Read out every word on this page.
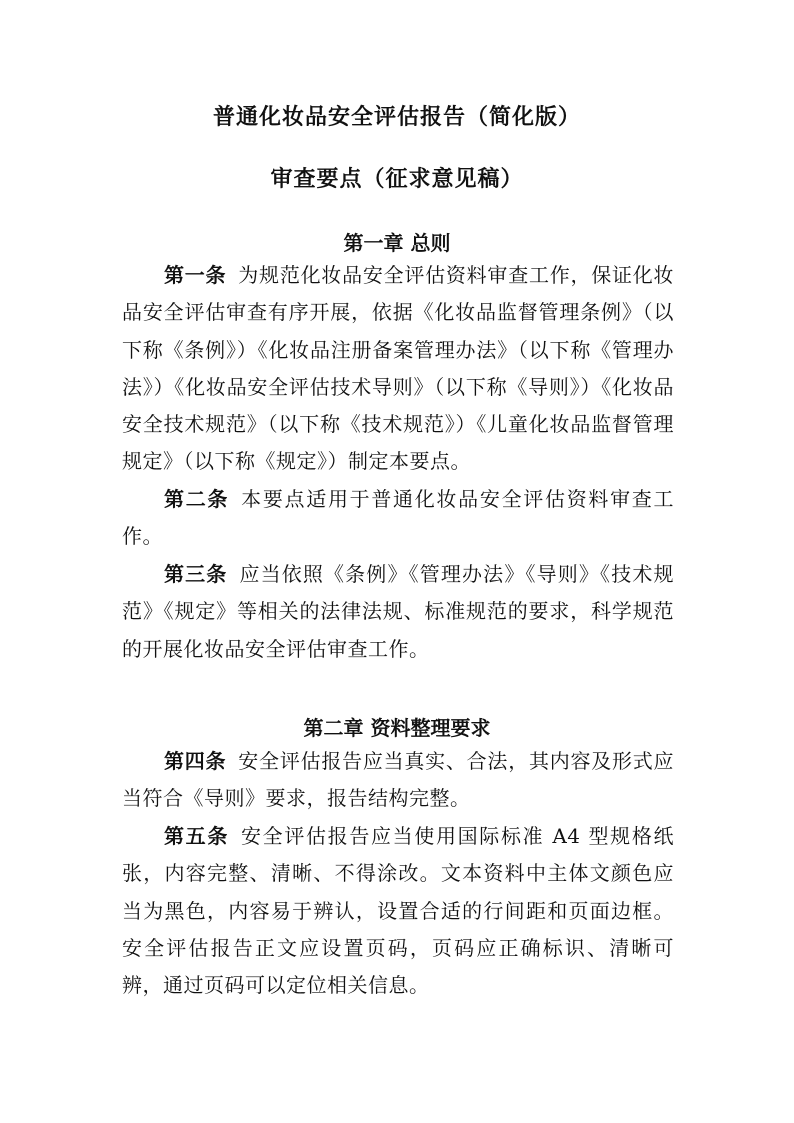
普通化妆品安全评估报告（简化版）
审查要点（征求意见稿）
第一章 总则

第一条 为规范化妆品安全评估资料审查工作，保证化妆品安全评估审查有序开展，依据《化妆品监督管理条例》（以下称《条例》）《化妆品注册备案管理办法》（以下称《管理办法》）《化妆品安全评估技术导则》（以下称《导则》）《化妆品安全技术规范》（以下称《技术规范》）《儿童化妆品监督管理规定》（以下称《规定》）制定本要点。

第二条 本要点适用于普通化妆品安全评估资料审查工作。

第三条 应当依照《条例》《管理办法》《导则》《技术规范》《规定》等相关的法律法规、标准规范的要求，科学规范的开展化妆品安全评估审查工作。

第二章 资料整理要求

第四条 安全评估报告应当真实、合法，其内容及形式应当符合《导则》要求，报告结构完整。

第五条 安全评估报告应当使用国际标准 A4 型规格纸张，内容完整、清晰、不得涂改。文本资料中主体文颜色应当为黑色，内容易于辨认，设置合适的行间距和页面边框。安全评估报告正文应设置页码，页码应正确标识、清晰可辨，通过页码可以定位相关信息。
